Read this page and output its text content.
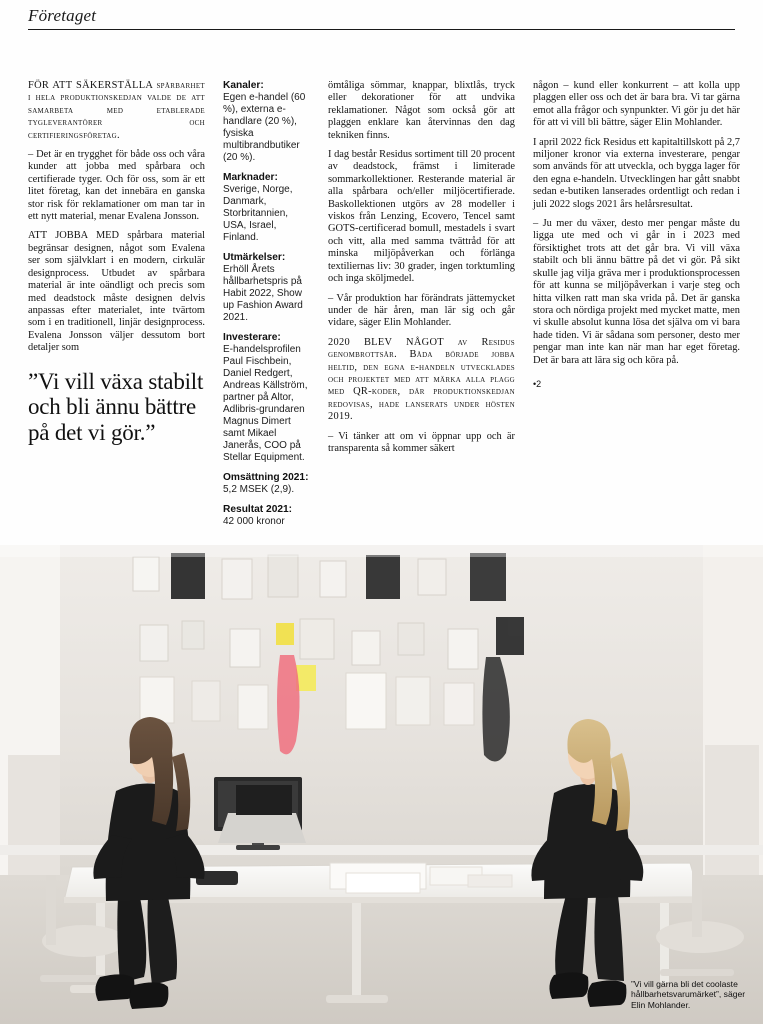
Företaget

FÖR ATT SÄKERSTÄLLA spårbarhet i hela produktionskedjan valde de att samarbeta med etablerade tygleverantörer och certifieringsföretag.

– Det är en trygghet för både oss och våra kunder att jobba med spårbara och certifierade tyger. Och för oss, som är ett litet företag, kan det innebära en ganska stor risk för reklamationer om man tar in ett nytt material, menar Evalena Jonsson.

ATT JOBBA MED spårbara material begränsar designen, något som Evalena ser som självklart i en modern, cirkulär designprocess. Utbudet av spårbara material är inte oändligt och precis som med deadstock måste designen delvis anpassas efter materialet, inte tvärtom som i en traditionell, linjär designprocess. Evalena Jonsson väljer dessutom bort detaljer som

”Vi vill växa stabilt och bli ännu bättre på det vi gör.”
Kanaler:
Egen e-handel (60 %), externa e-handlare (20 %), fysiska multibrandbutiker (20 %).
Marknader:
Sverige, Norge, Danmark, Storbritannien, USA, Israel, Finland.
Utmärkelser:
Erhöll Årets hållbarhetspris på Habit 2022, Show up Fashion Award 2021.
Investerare:
E-handelsprofilen Paul Fischbein, Daniel Redgert, Andreas Källström, partner på Altor, Adlibris-grundaren Magnus Dimert samt Mikael Janerås, COO på Stellar Equipment.
Omsättning 2021:
5,2 MSEK (2,9).
Resultat 2021:
42 000 kronor

ömtåliga sömmar, knappar, blixtlås, tryck eller dekorationer för att undvika reklamationer. Något som också gör att plaggen enklare kan återvinnas den dag tekniken finns.

I dag består Residus sortiment till 20 procent av deadstock, främst i limiterade sommarkollektioner. Resterande material är alla spårbara och/eller miljöcertifierade. Baskollektionen utgörs av 28 modeller i viskos från Lenzing, Ecovero, Tencel samt GOTS-certificerad bomull, mestadels i svart och vitt, alla med samma tvättråd för att minska miljöpåverkan och förlänga textiliernas liv: 30 grader, ingen torktumling och inga sköljmedel.

– Vår produktion har förändrats jättemycket under de här åren, man lär sig och går vidare, säger Elin Mohlander.

2020 BLEV NÅGOT av Residus genombrottsår. Båda började jobba heltid, den egna e-handeln utvecklades och projektet med att märka alla plagg med QR-koder, där produktionskedjan redovisas, hade lanserats under hösten 2019.

– Vi tänker att om vi öppnar upp och är transparenta så kommer säkert

någon – kund eller konkurrent – att kolla upp plaggen eller oss och det är bara bra. Vi tar gärna emot alla frågor och synpunkter. Vi gör ju det här för att vi vill bli bättre, säger Elin Mohlander.

I april 2022 fick Residus ett kapitaltillskott på 2,7 miljoner kronor via externa investerare, pengar som används för att utveckla, och bygga lager för den egna e-handeln. Utvecklingen har gått snabbt sedan e-butiken lanserades ordentligt och redan i juli 2022 slogs 2021 års helårsresultat.

– Ju mer du växer, desto mer pengar måste du ligga ute med och vi går in i 2023 med försiktighet trots att det går bra. Vi vill växa stabilt och bli ännu bättre på det vi gör. På sikt skulle jag vilja gräva mer i produktionsprocessen för att kunna se miljöpåverkan i varje steg och hitta vilken ratt man ska vrida på. Det är ganska stora och nördiga projekt med mycket matte, men vi skulle absolut kunna lösa det själva om vi bara hade tiden. Vi är sådana som personer, desto mer pengar man inte kan när man har eget företag. Det är bara att lära sig och köra på.

•2
”Vi vill gärna bli det coolaste hållbarhetsvarumärket”, säger Elin Mohlander.
